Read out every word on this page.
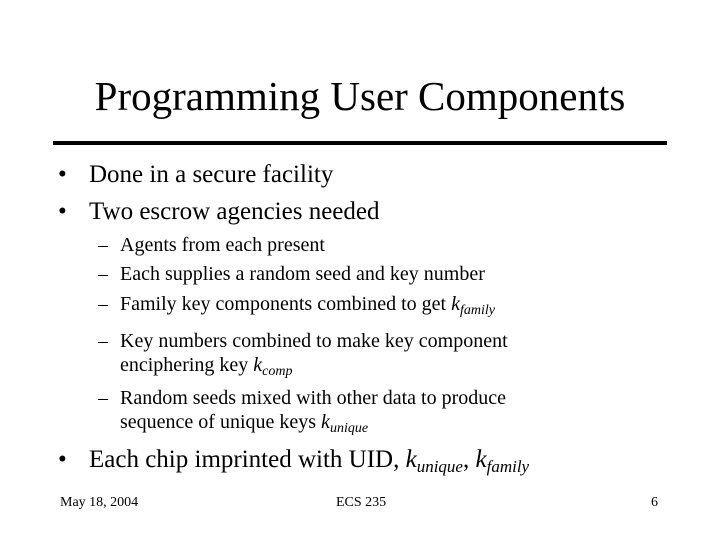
Programming User Components
• Done in a secure facility
• Two escrow agencies needed
– Agents from each present
– Each supplies a random seed and key number
– Family key components combined to get $k_{family}$
– Key numbers combined to make key component
enciphering key $k_{comp}$
– Random seeds mixed with other data to produce
sequence of unique keys $k_{unique}$
• Each chip imprinted with UID, $k_{unique}$, $k_{family}$
May 18, 2004	ECS 235	6
